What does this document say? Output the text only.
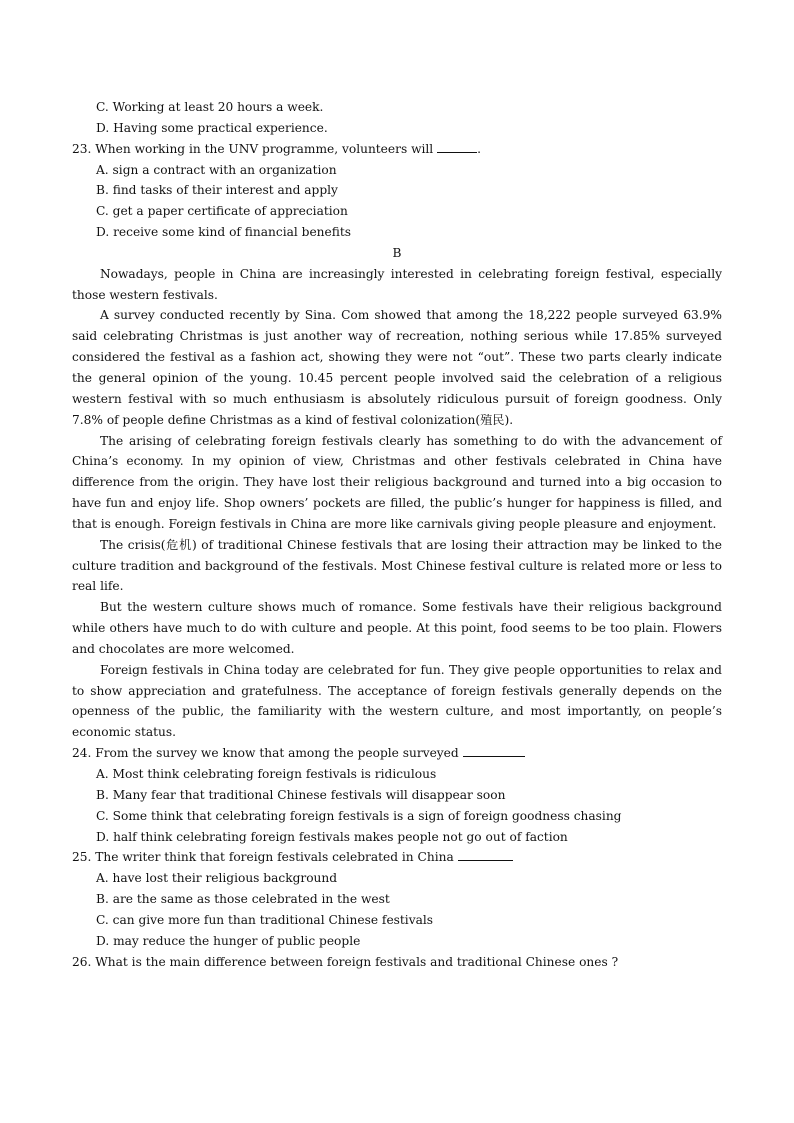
C. Working at least 20 hours a week.
D. Having some practical experience.
23. When working in the UNV programme, volunteers will	.
A. sign a contract with an organization
B. find tasks of their interest and apply
C. get a paper certificate of appreciation
D. receive some kind of financial benefits
B

Nowadays, people in China are increasingly interested in celebrating foreign festival, especially those western festivals.

A survey conducted recently by Sina. Com showed that among the 18,222 people surveyed 63.9% said celebrating Christmas is just another way of recreation, nothing serious while 17.85% surveyed considered the festival as a fashion act, showing they were not “out”. These two parts clearly indicate the general opinion of the young. 10.45 percent people involved said the celebration of a religious western festival with so much enthusiasm is absolutely ridiculous pursuit of foreign goodness. Only 7.8% of people define Christmas as a kind of festival colonization(殖民).

The arising of celebrating foreign festivals clearly has something to do with the advancement of China’s economy. In my opinion of view, Christmas and other festivals celebrated in China have difference from the origin. They have lost their religious background and turned into a big occasion to have fun and enjoy life. Shop owners’ pockets are filled, the public’s hunger for happiness is filled, and that is enough. Foreign festivals in China are more like carnivals giving people pleasure and enjoyment.

The crisis(危机) of traditional Chinese festivals that are losing their attraction may be linked to the culture tradition and background of the festivals. Most Chinese festival culture is related more or less to real life.

But the western culture shows much of romance. Some festivals have their religious background while others have much to do with culture and people. At this point, food seems to be too plain. Flowers and chocolates are more welcomed.

Foreign festivals in China today are celebrated for fun. They give people opportunities to relax and to show appreciation and gratefulness. The acceptance of foreign festivals generally depends on the openness of the public, the familiarity with the western culture, and most importantly, on people’s economic status.

24. From the survey we know that among the people surveyed
A. Most think celebrating foreign festivals is ridiculous
B. Many fear that traditional Chinese festivals will disappear soon
C. Some think that celebrating foreign festivals is a sign of foreign goodness chasing
D. half think celebrating foreign festivals makes people not go out of faction
25. The writer think that foreign festivals celebrated in China
A. have lost their religious background
B. are the same as those celebrated in the west
C. can give more fun than traditional Chinese festivals
D. may reduce the hunger of public people
26. What is the main difference between foreign festivals and traditional Chinese ones ?
